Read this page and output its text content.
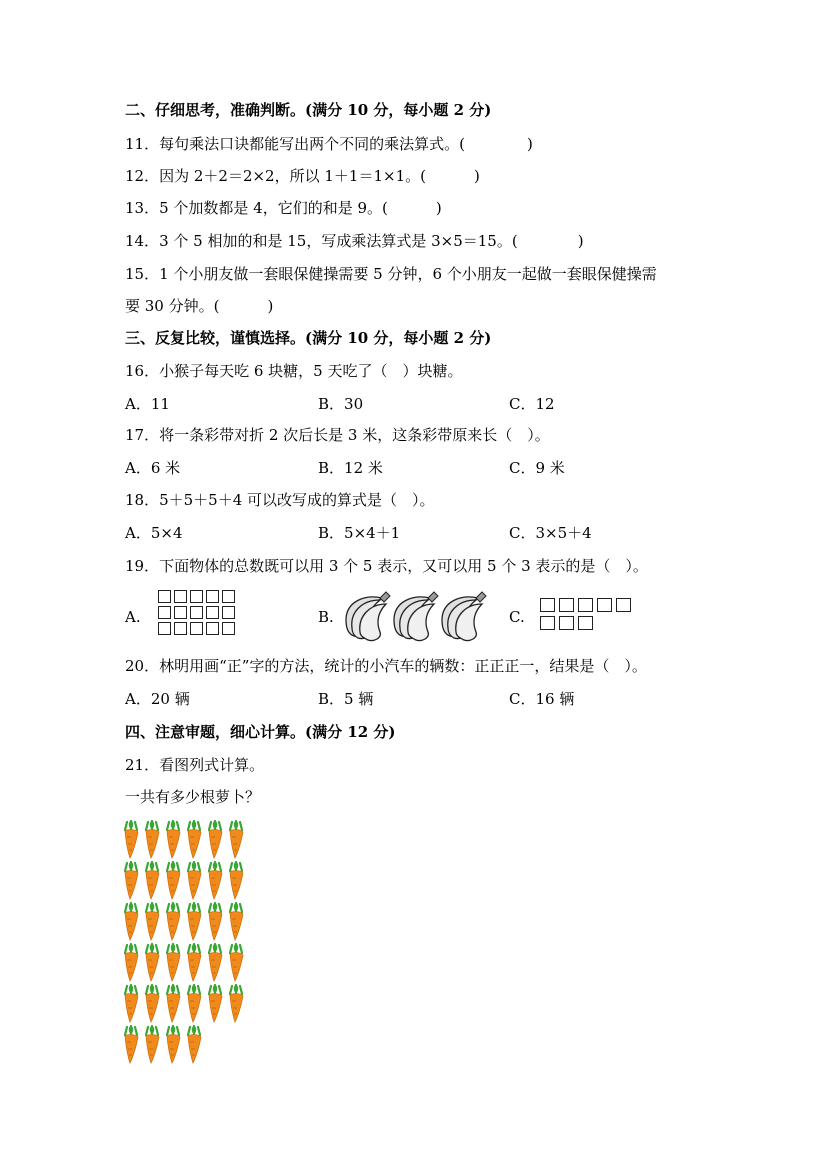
二、仔细思考，准确判断。(满分 10 分，每小题 2 分)
11．每句乘法口诀都能写出两个不同的乘法算式。(	)
12．因为 2＋2＝2×2，所以 1＋1＝1×1。(	)
13．5 个加数都是 4，它们的和是 9。(	)
14．3 个 5 相加的和是 15，写成乘法算式是 3×5＝15。(	)
15．1 个小朋友做一套眼保健操需要 5 分钟，6 个小朋友一起做一套眼保健操需
要 30 分钟。(	)
三、反复比较，谨慎选择。(满分 10 分，每小题 2 分)
16．小猴子每天吃 6 块糖，5 天吃了（　）块糖。
A．11	B．30	C．12
17．将一条彩带对折 2 次后长是 3 米，这条彩带原来长（　）。
A．6 米	B．12 米	C．9 米
18．5＋5＋5＋4 可以改写成的算式是（　）。
A．5×4	B．5×4＋1	C．3×5＋4
19．下面物体的总数既可以用 3 个 5 表示，又可以用 5 个 3 表示的是（　）。
A.	B.	C.
20．林明用画“正”字的方法，统计的小汽车的辆数：正正正一，结果是（　）。
A．20 辆	B．5 辆	C．16 辆
四、注意审题，细心计算。(满分 12 分)
21．看图列式计算。
一共有多少根萝卜？
